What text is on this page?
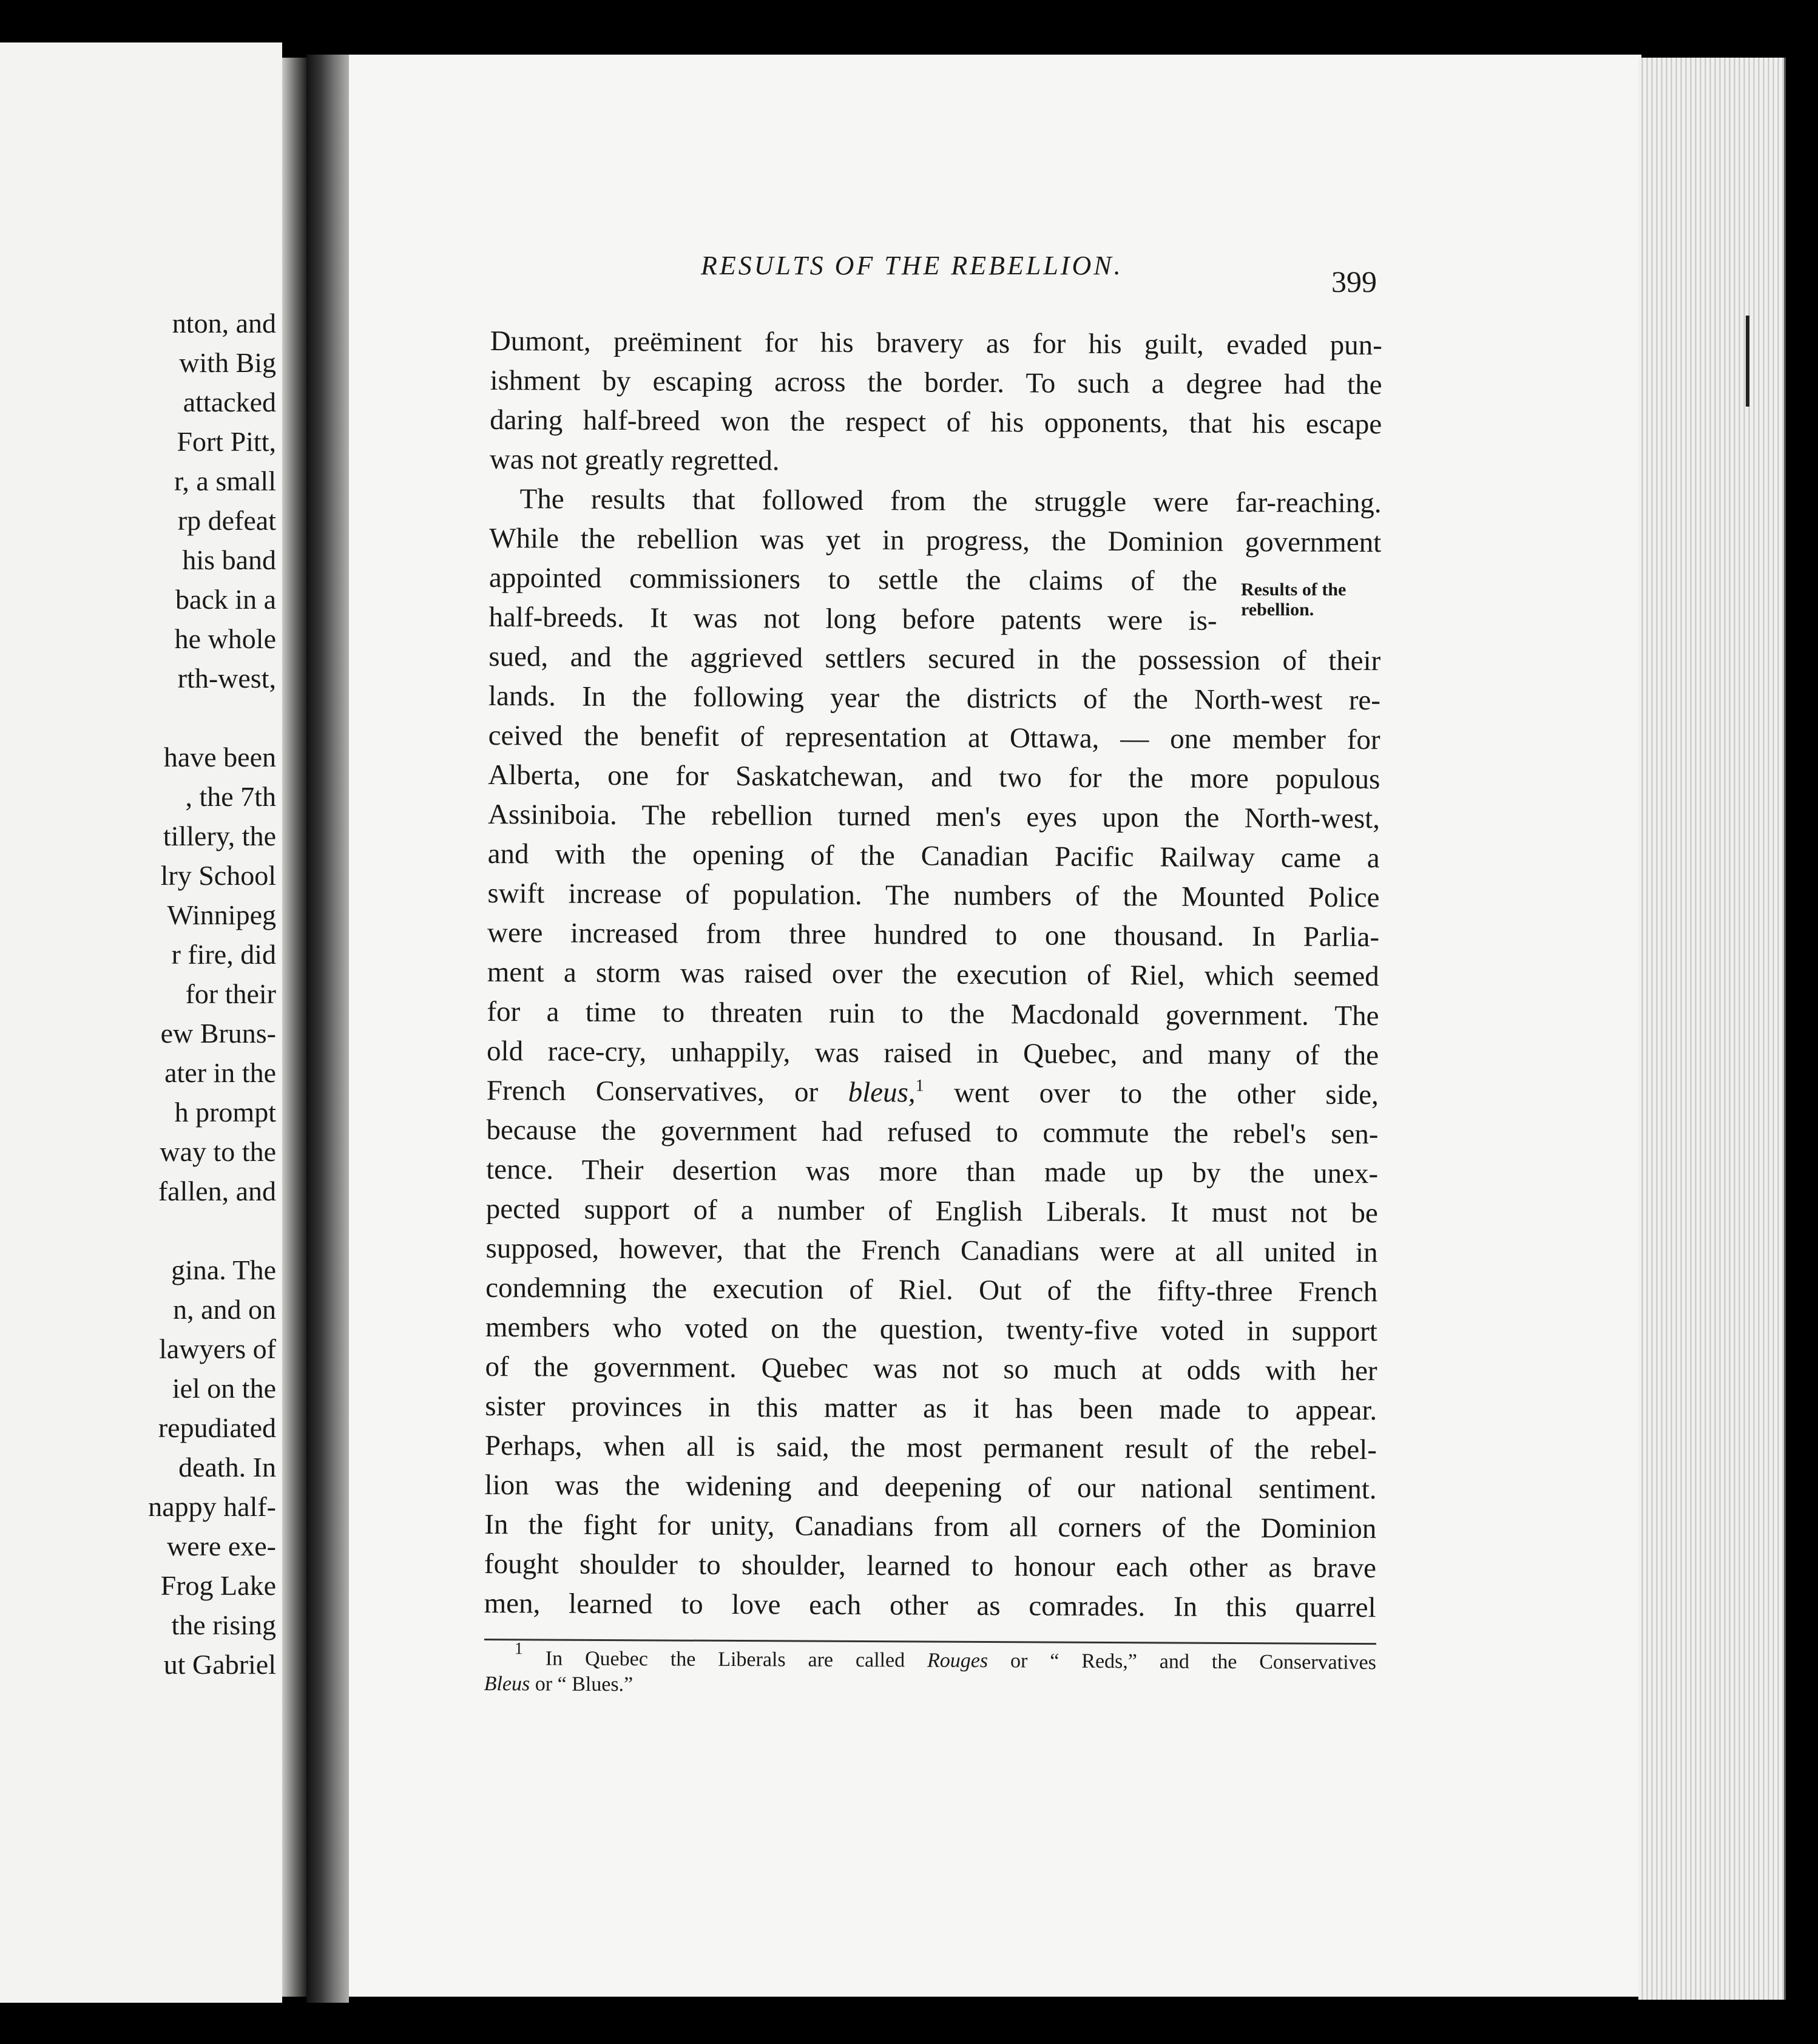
nton, and
with Big
attacked
Fort Pitt,
r, a small
rp defeat
his band
back in a
he whole
rth-west,
have been
, the 7th
tillery, the
lry School
Winnipeg
r fire, did
for their
ew Bruns-
ater in the
h prompt
way to the
fallen, and
gina. The
n, and on
lawyers of
iel on the
repudiated
death. In
nappy half-
were exe-
Frog Lake
the rising
ut Gabriel
RESULTS OF THE REBELLION.	399
Dumont, preëminent for his bravery as for his guilt, evaded pun-
ishment by escaping across the border. To such a degree had the
daring half-breed won the respect of his opponents, that his escape
was not greatly regretted.
The results that followed from the struggle were far-reaching.
While the rebellion was yet in progress, the Dominion government
appointed commissioners to settle the claims of the
half-breeds. It was not long before patents were is-
sued, and the aggrieved settlers secured in the possession of their
lands. In the following year the districts of the North-west re-
ceived the benefit of representation at Ottawa, — one member for
Alberta, one for Saskatchewan, and two for the more populous
Assiniboia. The rebellion turned men's eyes upon the North-west,
and with the opening of the Canadian Pacific Railway came a
swift increase of population. The numbers of the Mounted Police
were increased from three hundred to one thousand. In Parlia-
ment a storm was raised over the execution of Riel, which seemed
for a time to threaten ruin to the Macdonald government. The
old race-cry, unhappily, was raised in Quebec, and many of the
French Conservatives, or bleus,$^1$ went over to the other side,
because the government had refused to commute the rebel's sen-
tence. Their desertion was more than made up by the unex-
pected support of a number of English Liberals. It must not be
supposed, however, that the French Canadians were at all united in
condemning the execution of Riel. Out of the fifty-three French
members who voted on the question, twenty-five voted in support
of the government. Quebec was not so much at odds with her
sister provinces in this matter as it has been made to appear.
Perhaps, when all is said, the most permanent result of the rebel-
lion was the widening and deepening of our national sentiment.
In the fight for unity, Canadians from all corners of the Dominion
fought shoulder to shoulder, learned to honour each other as brave
men, learned to love each other as comrades. In this quarrel
Results of the
rebellion.
$^1$ In Quebec the Liberals are called Rouges or “ Reds,” and the Conservatives
Bleus or “ Blues.”
